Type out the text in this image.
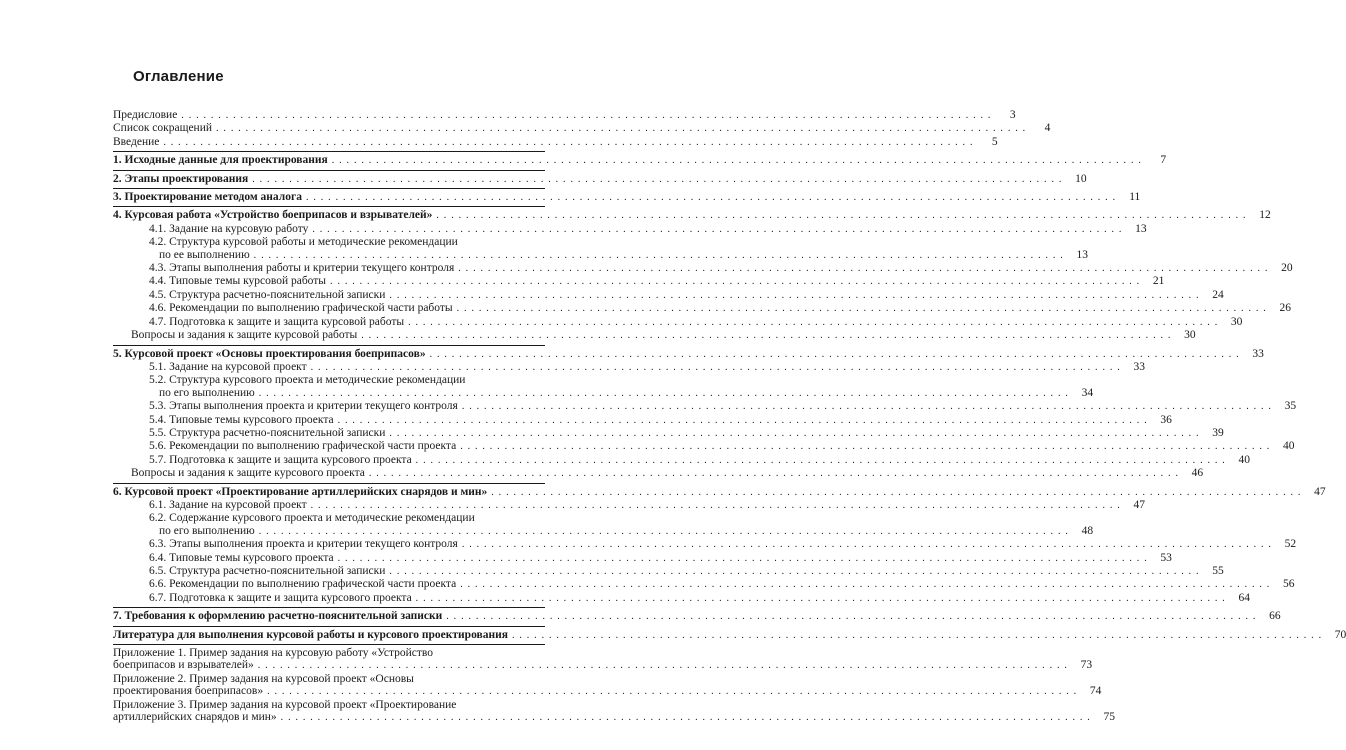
Оглавление
Предисловие . . .	3
Список сокращений . . .	4
Введение . . .	5
1. Исходные данные для проектирования . . .	7
2. Этапы проектирования . . .	10
3. Проектирование методом аналога . . .	11
4. Курсовая работа «Устройство боеприпасов и взрывателей» . . .	12
4.1. Задание на курсовую работу . . .	13
4.2. Структура курсовой работы и методические рекомендации
по ее выполнению . . .	13
4.3. Этапы выполнения работы и критерии текущего контроля . . .	20
4.4. Типовые темы курсовой работы . . .	21
4.5. Структура расчетно-пояснительной записки . . .	24
4.6. Рекомендации по выполнению графической части работы . . .	26
4.7. Подготовка к защите и защита курсовой работы . . .	30
Вопросы и задания к защите курсовой работы . . .	30
5. Курсовой проект «Основы проектирования боеприпасов» . . .	33
5.1. Задание на курсовой проект . . .	33
5.2. Структура курсового проекта и методические рекомендации
по его выполнению . . .	34
5.3. Этапы выполнения проекта и критерии текущего контроля . . .	35
5.4. Типовые темы курсового проекта . . .	36
5.5. Структура расчетно-пояснительной записки . . .	39
5.6. Рекомендации по выполнению графической части проекта . . .	40
5.7. Подготовка к защите и защита курсового проекта . . .	40
Вопросы и задания к защите курсового проекта . . .	46
6. Курсовой проект «Проектирование артиллерийских снарядов и мин» . . .	47
6.1. Задание на курсовой проект . . .	47
6.2. Содержание курсового проекта и методические рекомендации
по его выполнению . . .	48
6.3. Этапы выполнения проекта и критерии текущего контроля . . .	52
6.4. Типовые темы курсового проекта . . .	53
6.5. Структура расчетно-пояснительной записки . . .	55
6.6. Рекомендации по выполнению графической части проекта . . .	56
6.7. Подготовка к защите и защита курсового проекта . . .	64
7. Требования к оформлению расчетно-пояснительной записки . . .	66
Литература для выполнения курсовой работы и курсового проектирования . . .	70
Приложение 1. Пример задания на курсовую работу «Устройство
боеприпасов и взрывателей» . . .	73
Приложение 2. Пример задания на курсовой проект «Основы
проектирования боеприпасов» . . .	74
Приложение 3. Пример задания на курсовой проект «Проектирование
артиллерийских снарядов и мин» . . .	75
